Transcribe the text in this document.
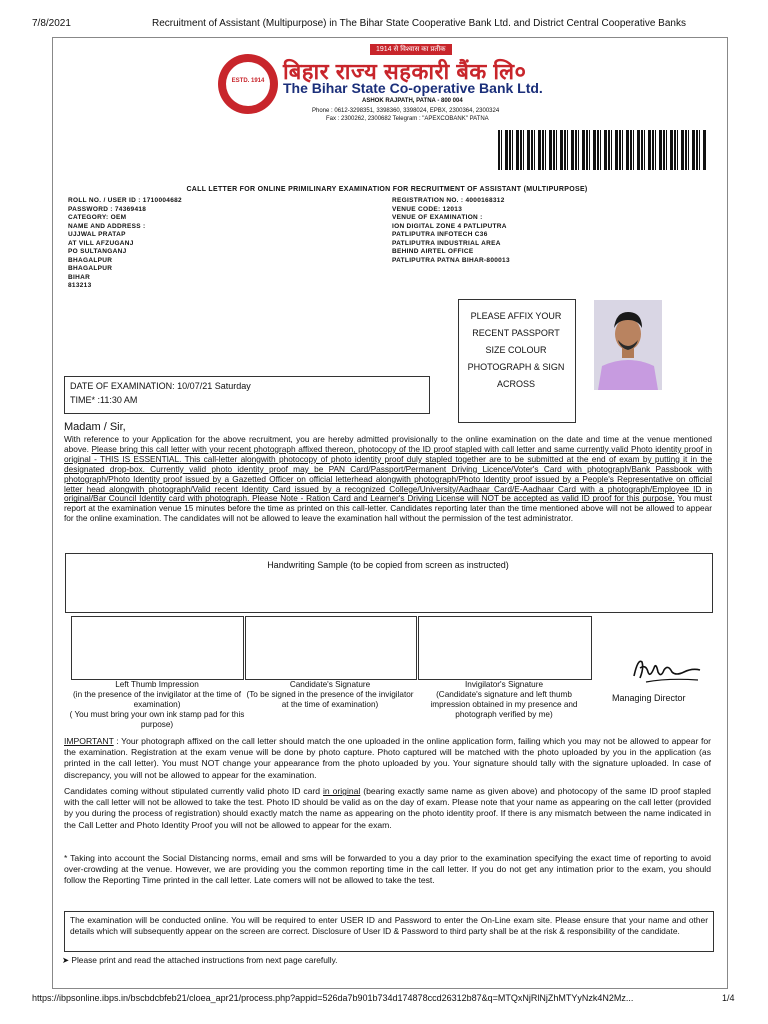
7/8/2021	Recruitment of Assistant (Multipurpose) in The Bihar State Cooperative Bank Ltd. and District Central Cooperative Banks
ESTD. 1914
1914 से विश्वास का प्रतीक
बिहार राज्य सहकारी बैंक लि०
The Bihar State Co-operative Bank Ltd.
ASHOK RAJPATH, PATNA - 800 004
Phone : 0612-3298351, 3398360, 3398024, EPBX, 2300364, 2300324
Fax : 2300262, 2300682 Telegram : "APEXCOBANK" PATNA
CALL LETTER FOR ONLINE PRIMILINARY EXAMINATION FOR RECRUITMENT OF ASSISTANT (MULTIPURPOSE)
ROLL NO. / USER ID : 1710004682
PASSWORD : 74369418
CATEGORY: OEM
NAME AND ADDRESS :
UJJWAL PRATAP
AT VILL AFZUGANJ
PO SULTANGANJ
BHAGALPUR
BHAGALPUR
BIHAR
813213
REGISTRATION NO. : 4000168312
VENUE CODE: 12013
VENUE OF EXAMINATION :
ION DIGITAL ZONE 4 PATLIPUTRA
PATLIPUTRA INFOTECH C36
PATLIPUTRA INDUSTRIAL AREA
BEHIND AIRTEL OFFICE
PATLIPUTRA PATNA BIHAR-800013
PLEASE AFFIX YOUR
RECENT PASSPORT
SIZE COLOUR
PHOTOGRAPH & SIGN
ACROSS
DATE OF EXAMINATION: 10/07/21 Saturday
TIME* :11:30 AM
Madam / Sir,
With reference to your Application for the above recruitment, you are hereby admitted provisionally to the online examination on the date and time at the venue mentioned above. Please bring this call letter with your recent photograph affixed thereon, photocopy of the ID proof stapled with call letter and same currently valid Photo identity proof in original - THIS IS ESSENTIAL. This call-letter alongwith photocopy of photo identity proof duly stapled together are to be submitted at the end of exam by putting it in the designated drop-box. Currently valid photo identity proof may be PAN Card/Passport/Permanent Driving Licence/Voter's Card with photograph/Bank Passbook with photograph/Photo Identity proof issued by a Gazetted Officer on official letterhead alongwith photograph/Photo Identity proof issued by a People's Representative on official letter head alongwith photograph/Valid recent Identity Card issued by a recognized College/University/Aadhaar Card/E-Aadhaar Card with a photograph/Employee ID in original/Bar Council Identity card with photograph. Please Note - Ration Card and Learner's Driving License will NOT be accepted as valid ID proof for this purpose. You must report at the examination venue 15 minutes before the time as printed on this call-letter. Candidates reporting later than the time mentioned above will not be allowed to appear for the online examination. The candidates will not be allowed to leave the examination hall without the permission of the test administrator.
Handwriting Sample (to be copied from screen as instructed)
Left Thumb Impression
(in the presence of the invigilator at the time of examination)
( You must bring your own ink stamp pad for this purpose)
Candidate's Signature
(To be signed in the presence of the invigilator at the time of examination)
Invigilator's Signature
(Candidate's signature and left thumb impression obtained in my presence and photograph verified by me)
Managing Director
IMPORTANT : Your photograph affixed on the call letter should match the one uploaded in the online application form, failing which you may not be allowed to appear for the examination. Registration at the exam venue will be done by photo capture. Photo captured will be matched with the photo uploaded by you in the application (as printed in the call letter). You must NOT change your appearance from the photo uploaded by you. Your signature should tally with the signature uploaded. In case of discrepancy, you will not be allowed to appear for the examination.
Candidates coming without stipulated currently valid photo ID card in original (bearing exactly same name as given above) and photocopy of the same ID proof stapled with the call letter will not be allowed to take the test. Photo ID should be valid as on the day of exam. Please note that your name as appearing on the call letter (provided by you during the process of registration) should exactly match the name as appearing on the photo identity proof. If there is any mismatch between the name indicated in the Call Letter and Photo Identity Proof you will not be allowed to appear for the exam.
* Taking into account the Social Distancing norms, email and sms will be forwarded to you a day prior to the examination specifying the exact time of reporting to avoid over-crowding at the venue. However, we are providing you the common reporting time in the call letter. If you do not get any intimation prior to the exam, you should follow the Reporting Time printed in the call letter. Late comers will not be allowed to take the test.
The examination will be conducted online. You will be required to enter USER ID and Password to enter the On-Line exam site. Please ensure that your name and other details which will subsequently appear on the screen are correct. Disclosure of User ID & Password to third party shall be at the risk & responsibility of the candidate.
➤ Please print and read the attached instructions from next page carefully.
https://ibpsonline.ibps.in/bscbdcbfeb21/cloea_apr21/process.php?appid=526da7b901b734d174878ccd26312b87&q=MTQxNjRlNjZhMTYyNzk4N2Mz...	1/4
